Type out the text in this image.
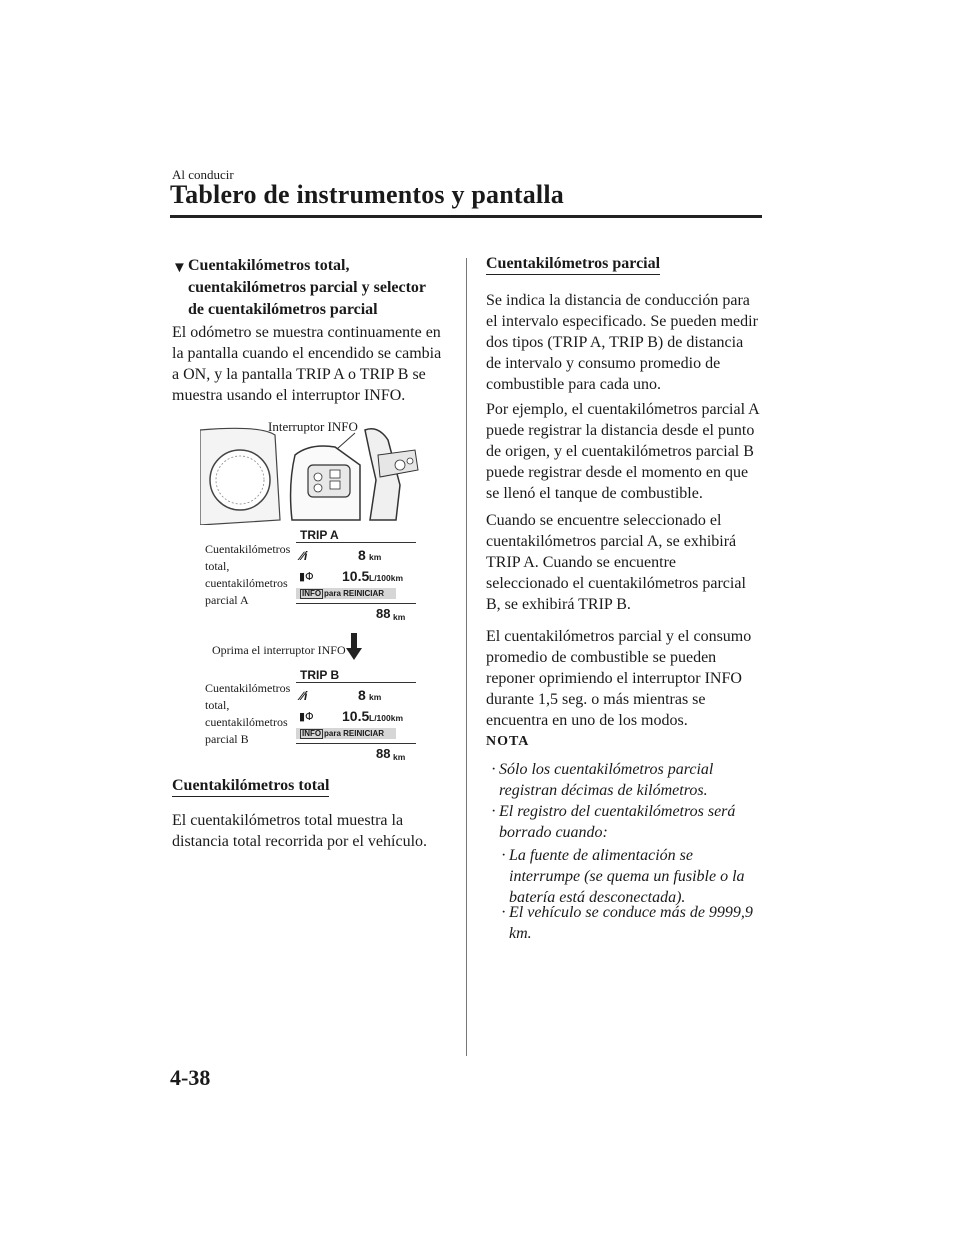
Al conducir
Tablero de instrumentos y pantalla
▼ Cuentakilómetros total,
cuentakilómetros parcial y selector
de cuentakilómetros parcial
El odómetro se muestra continuamente en
la pantalla cuando el encendido se cambia
a ON, y la pantalla TRIP A o TRIP B se
muestra usando el interruptor INFO.
Interruptor INFO
Cuentakilómetros
total,
cuentakilómetros
parcial A
TRIP A
∕∕i	8 km
▮Φ 10.5 L/100km
INFO para REINICIAR
88 km
Oprima el interruptor INFO
Cuentakilómetros
total,
cuentakilómetros
parcial B
TRIP B
∕∕i	8 km
▮Φ 10.5 L/100km
INFO para REINICIAR
88 km
Cuentakilómetros total
El cuentakilómetros total muestra la
distancia total recorrida por el vehículo.
Cuentakilómetros parcial
Se indica la distancia de conducción para
el intervalo especificado. Se pueden medir
dos tipos (TRIP A, TRIP B) de distancia
de intervalo y consumo promedio de
combustible para cada uno.
Por ejemplo, el cuentakilómetros parcial A
puede registrar la distancia desde el punto
de origen, y el cuentakilómetros parcial B
puede registrar desde el momento en que
se llenó el tanque de combustible.
Cuando se encuentre seleccionado el
cuentakilómetros parcial A, se exhibirá
TRIP A. Cuando se encuentre
seleccionado el cuentakilómetros parcial
B, se exhibirá TRIP B.
El cuentakilómetros parcial y el consumo
promedio de combustible se pueden
reponer oprimiendo el interruptor INFO
durante 1,5 seg. o más mientras se
encuentra en uno de los modos.
NOTA
· Sólo los cuentakilómetros parcial
registran décimas de kilómetros.
· El registro del cuentakilómetros será
borrado cuando:
· La fuente de alimentación se
interrumpe (se quema un fusible o la
batería está desconectada).
· El vehículo se conduce más de 9999,9
km.
4-38
